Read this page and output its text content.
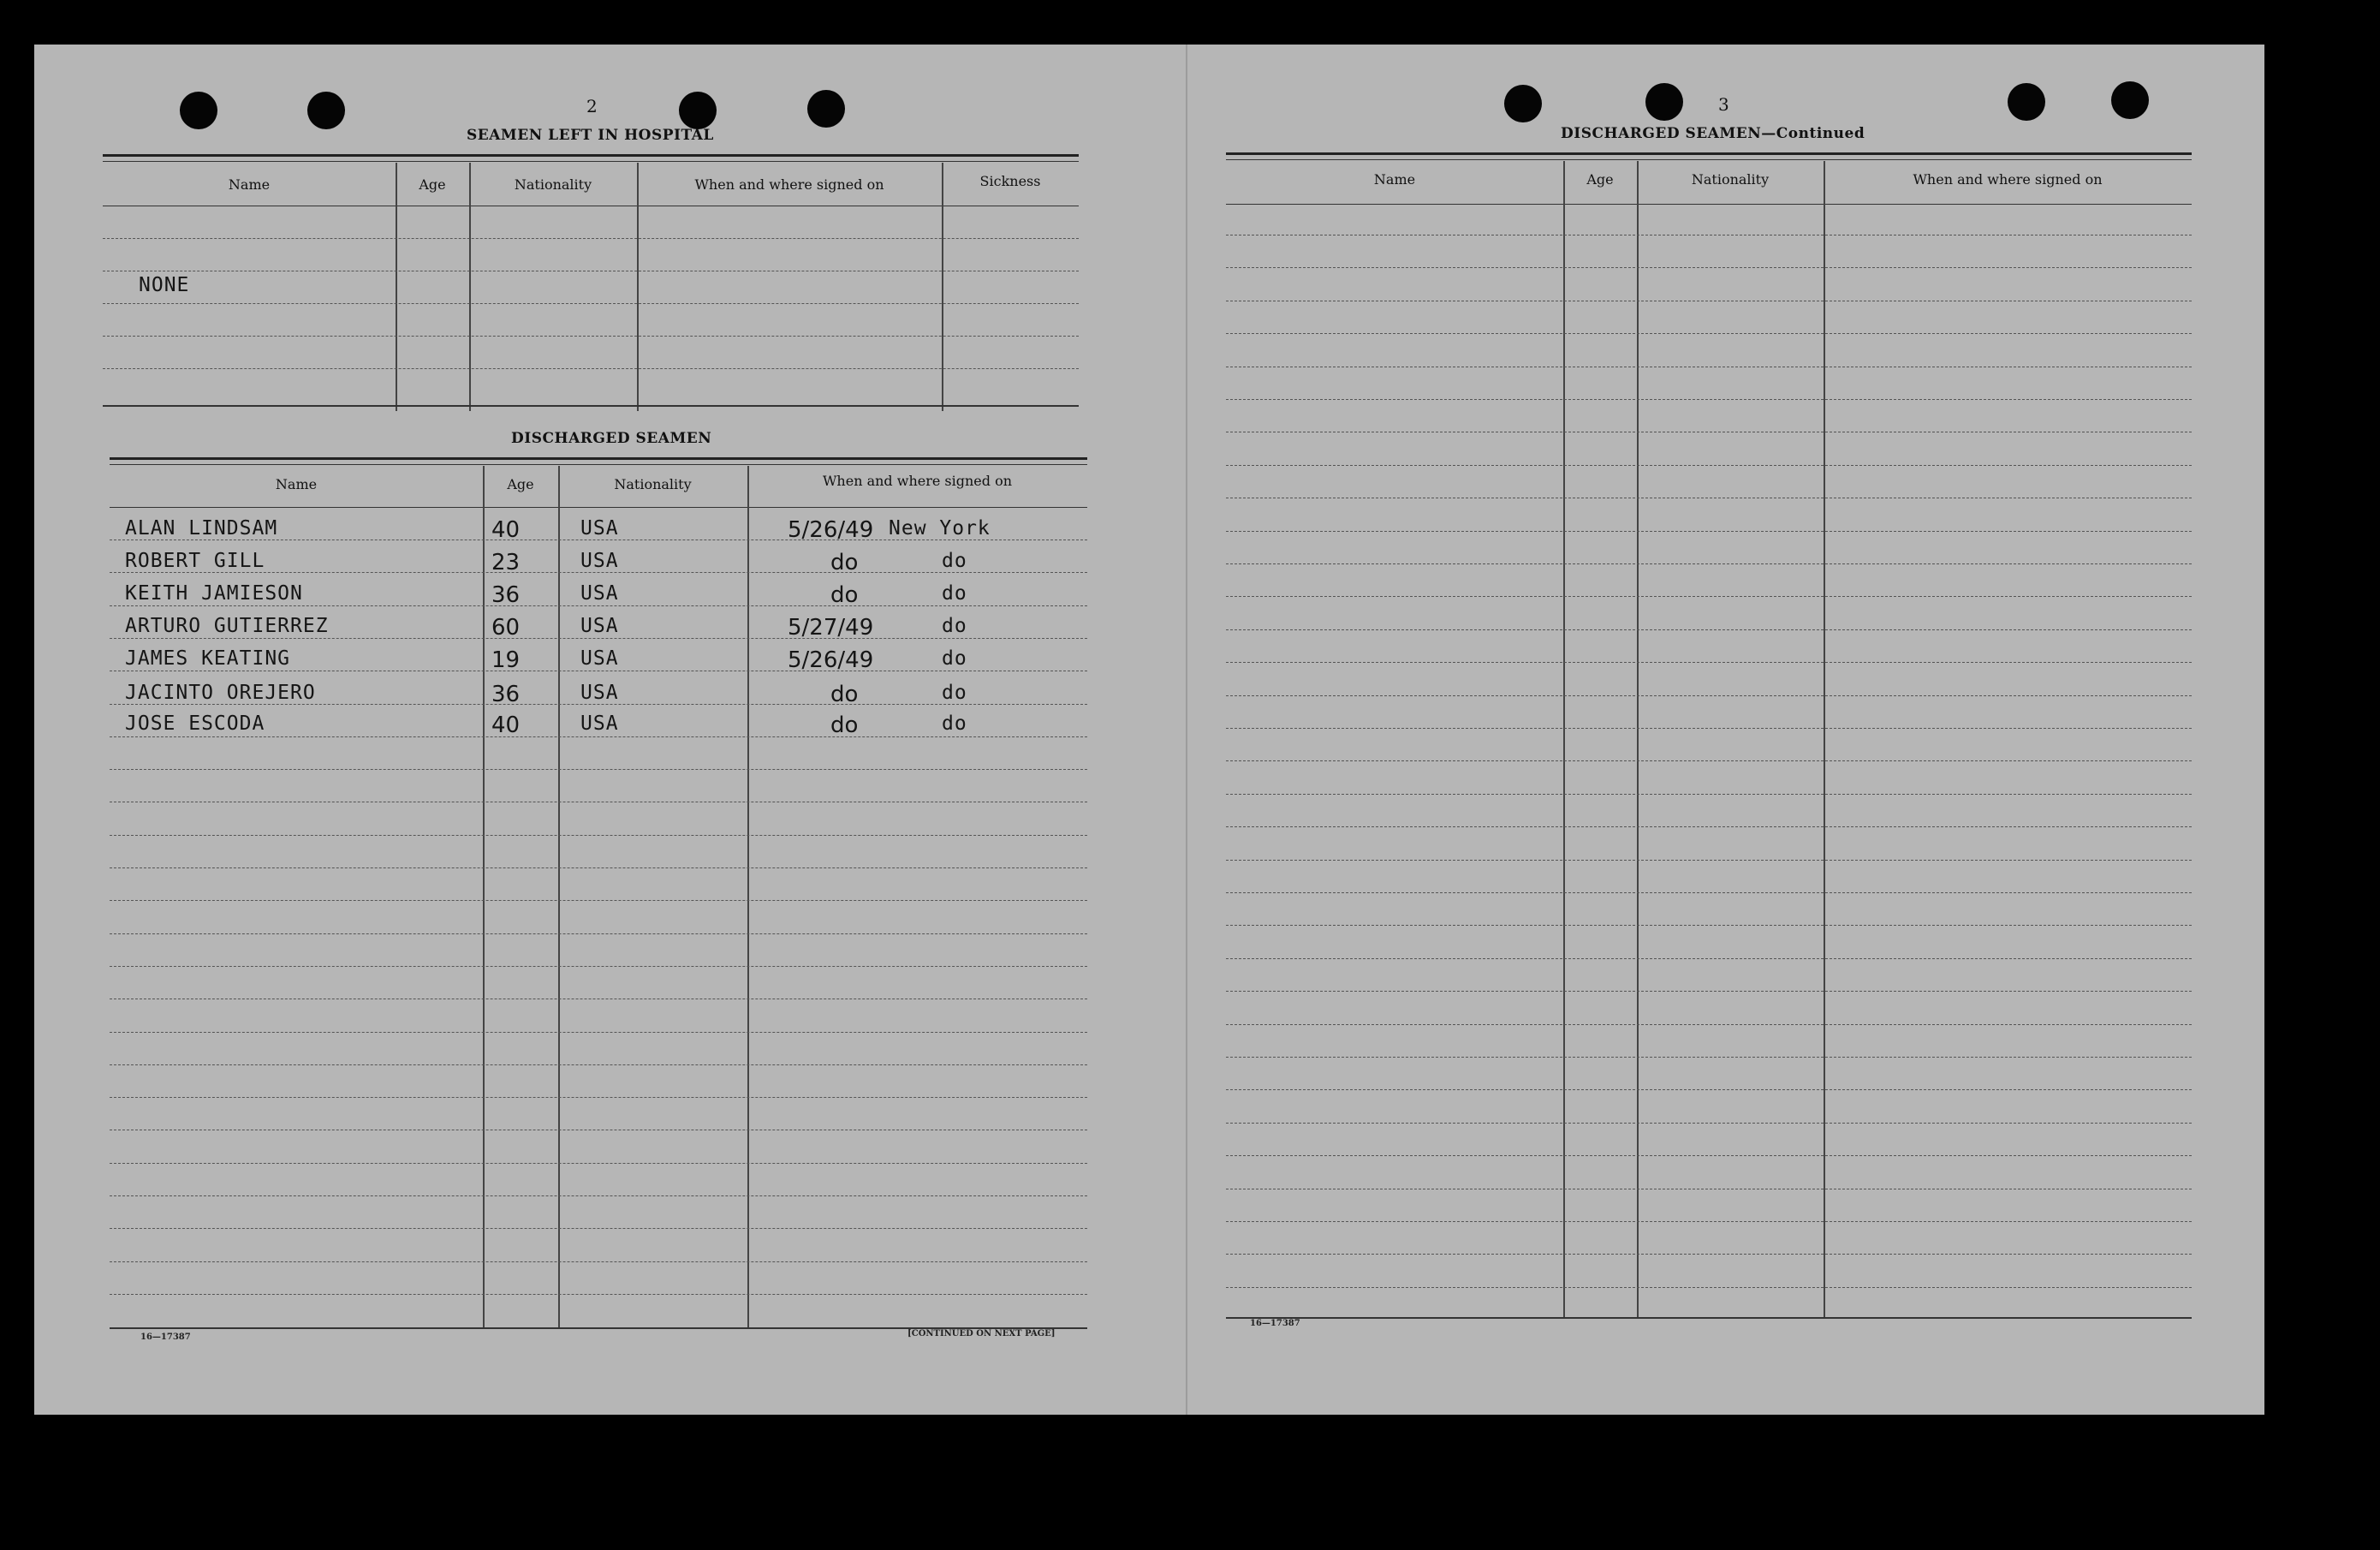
2
SEAMEN LEFT IN HOSPITAL
Name	Age	Nationality	When and where signed on	Sickness
NONE
DISCHARGED SEAMEN
Name	Age	Nationality	When and where signed on
ALAN LINDSAM	40	USA	5/26/49 New York
ROBERT GILL	23	USA	do	do
KEITH JAMIESON	36	USA	do	do
ARTURO GUTIERREZ	60	USA	5/27/49	do
JAMES KEATING	19	USA	5/26/49	do
JACINTO OREJERO	36	USA	do	do
JOSE ESCODA	40	USA	do	do
16—17387	[CONTINUED ON NEXT PAGE]
3
DISCHARGED SEAMEN—Continued
Name	Age	Nationality	When and where signed on
16—17387
